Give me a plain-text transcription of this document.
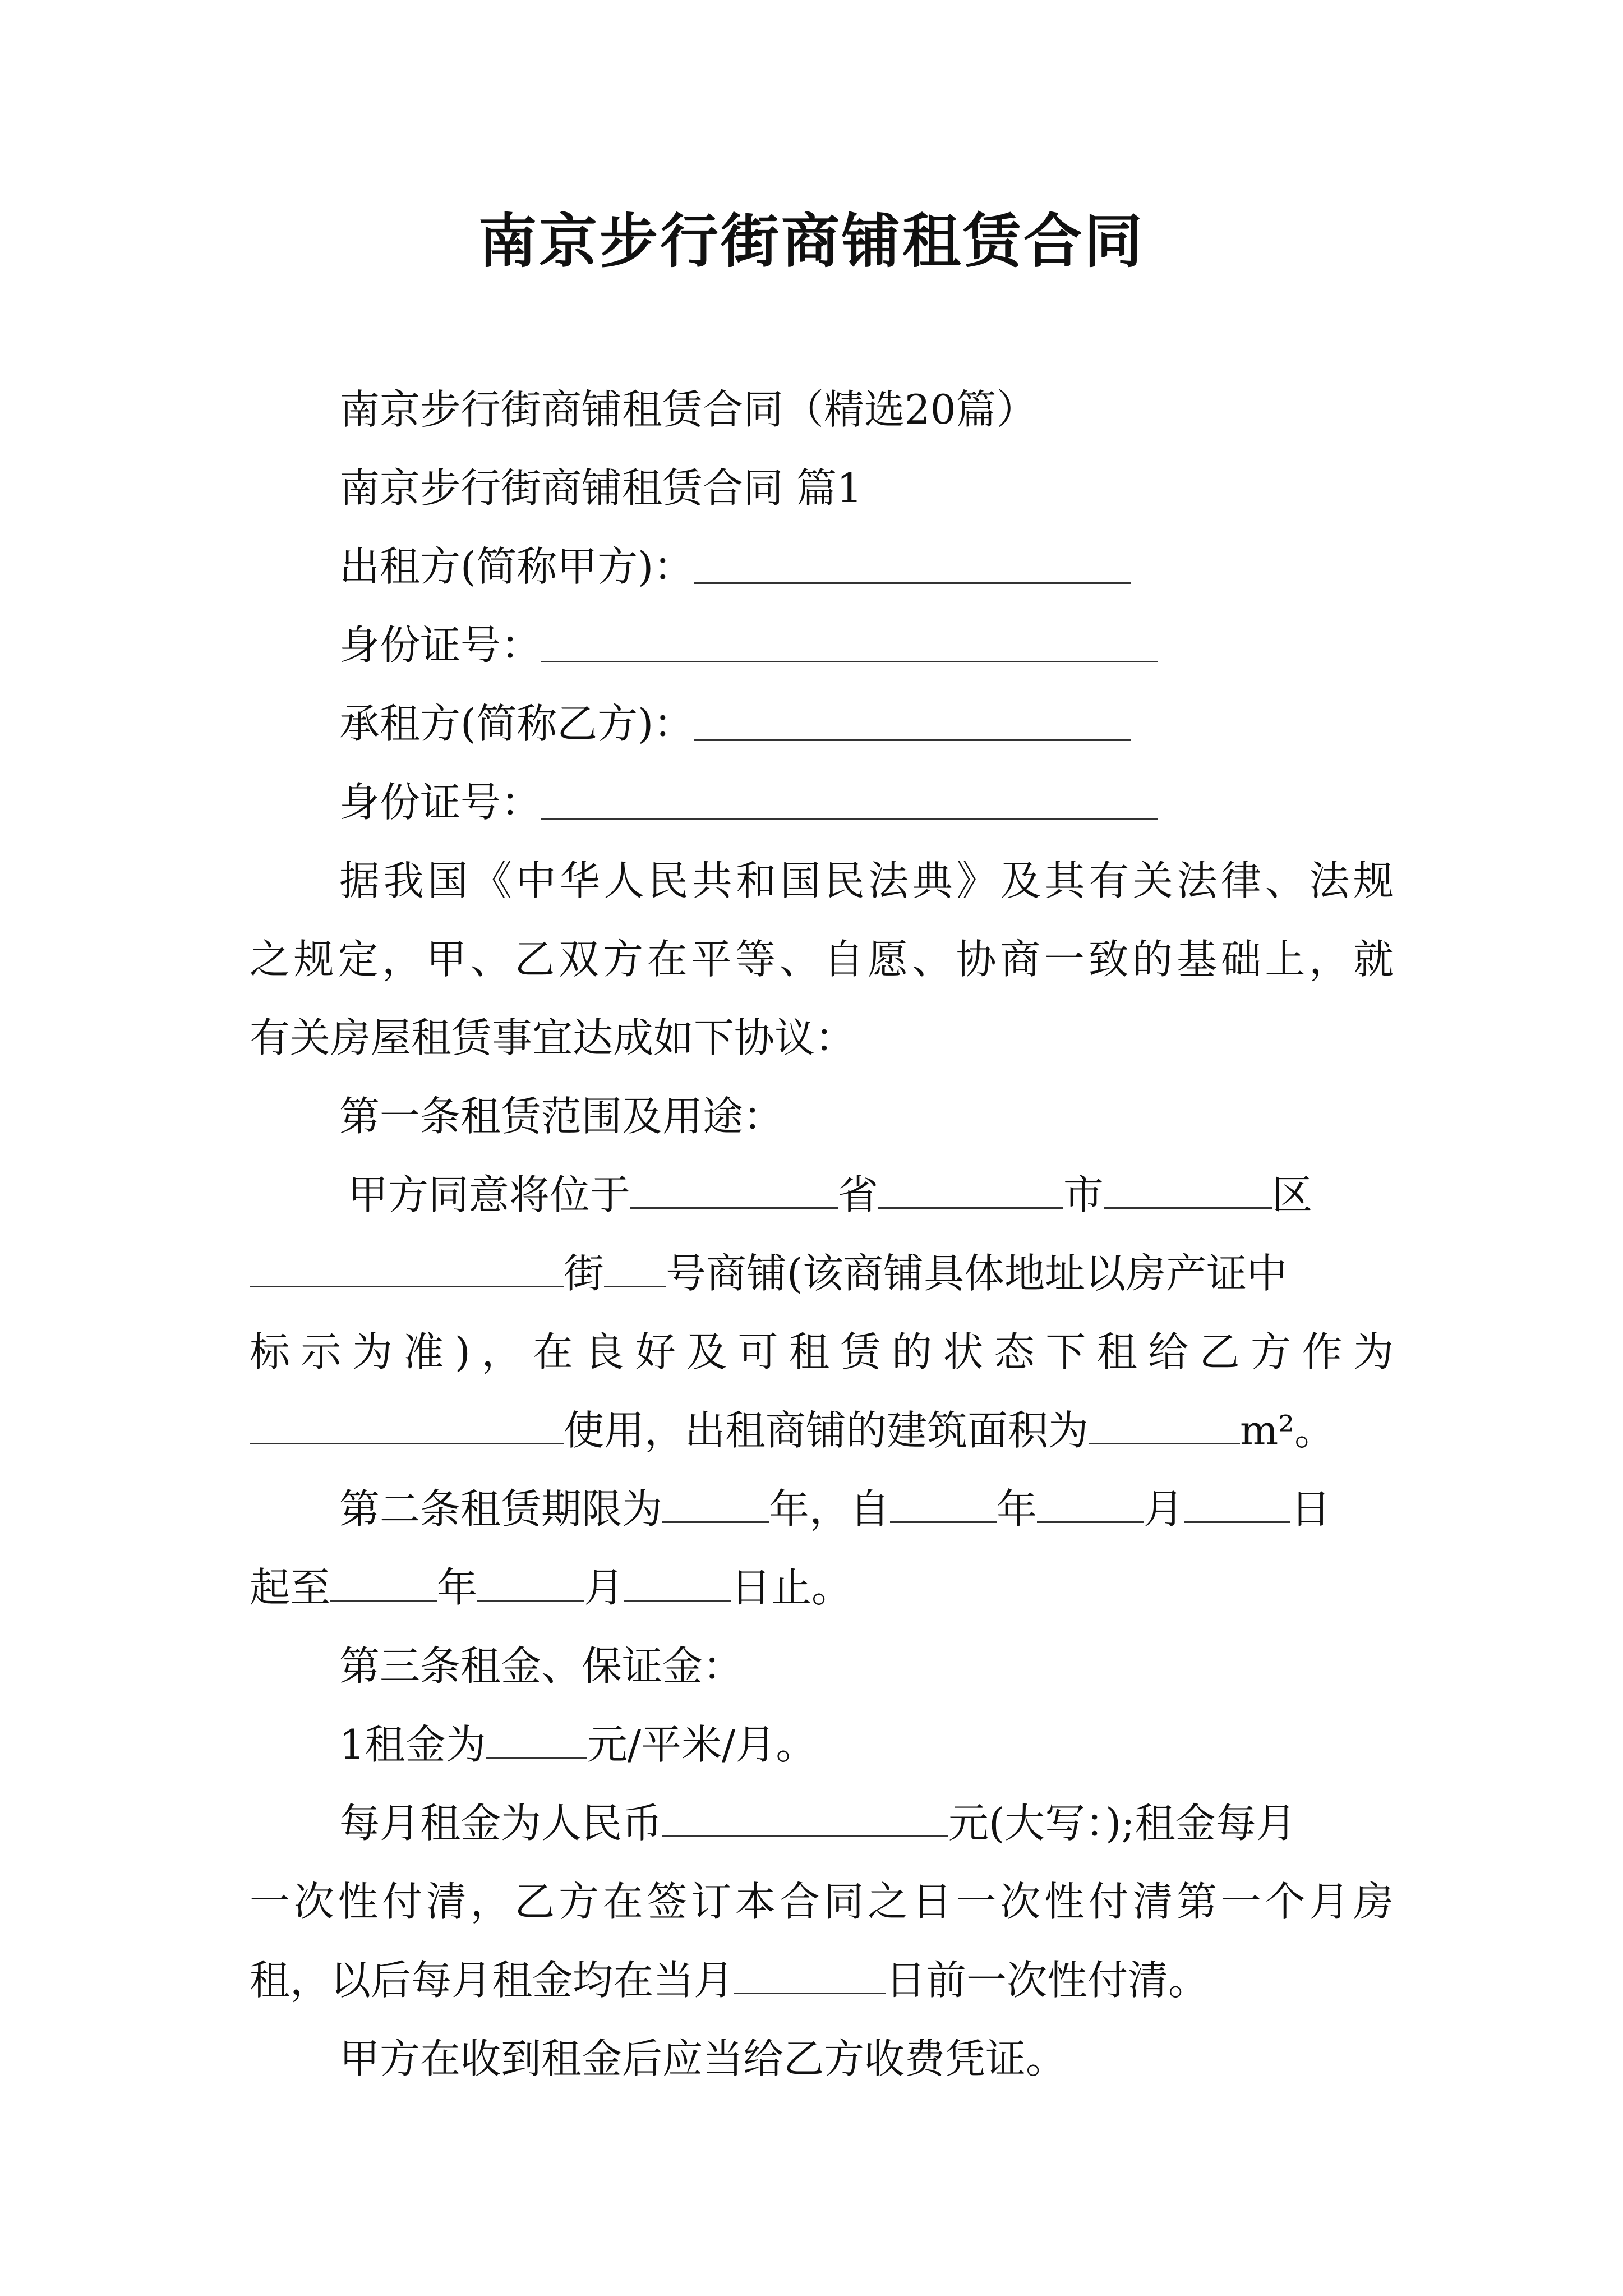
南京步行街商铺租赁合同

南京步行街商铺租赁合同（精选20篇）

南京步行街商铺租赁合同 篇1

出租方(简称甲方)：

身份证号：

承租方(简称乙方)：

身份证号：

据我国《中华人民共和国民法典》及其有关法律、法规

之规定，甲、乙双方在平等、自愿、协商一致的基础上，就

有关房屋租赁事宜达成如下协议：

第一条租赁范围及用途：

甲方同意将位于	省	市	区

街 号商铺(该商铺具体地址以房产证中

标示为准)，在良好及可租赁的状态下租给乙方作为

使用，出租商铺的建筑面积为	m²。

第二条租赁期限为	年，自	年	月	日

起至	年	月	日止。

第三条租金、保证金：

1租金为	元/平米/月。

每月租金为人民币	元(大写：);租金每月

一次性付清，乙方在签订本合同之日一次性付清第一个月房

租，以后每月租金均在当月	日前一次性付清。

甲方在收到租金后应当给乙方收费凭证。
